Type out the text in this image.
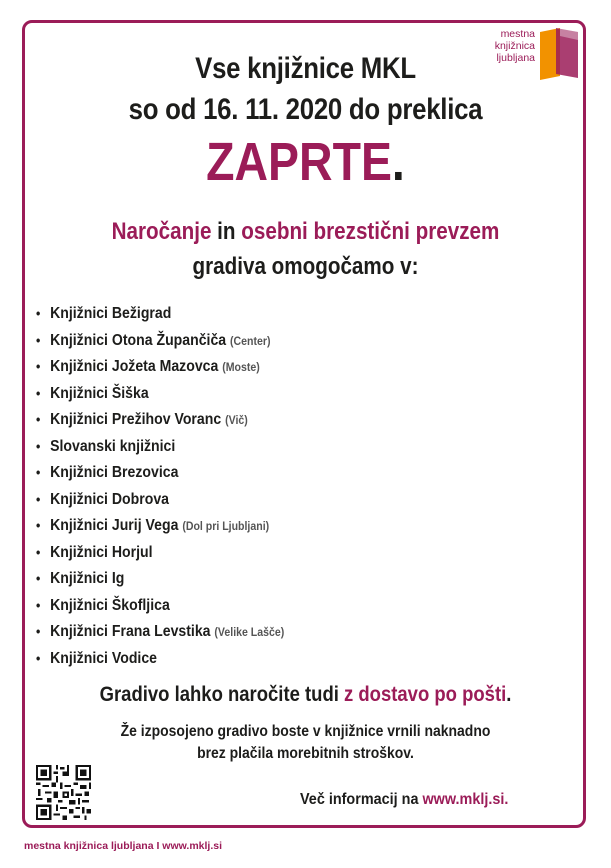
mestna
knjižnica
ljubljana
Vse knjižnice MKL
so od 16. 11. 2020 do preklica
ZAPRTE.
Naročanje in osebni brezstični prevzem
gradiva omogočamo v:
• Knjižnici Bežigrad
• Knjižnici Otona Župančiča (Center)
• Knjižnici Jožeta Mazovca (Moste)
• Knjižnici Šiška
• Knjižnici Prežihov Voranc (Vič)
• Slovanski knjižnici
• Knjižnici Brezovica
• Knjižnici Dobrova
• Knjižnici Jurij Vega (Dol pri Ljubljani)
• Knjižnici Horjul
• Knjižnici Ig
• Knjižnici Škofljica
• Knjižnici Frana Levstika (Velike Lašče)
• Knjižnici Vodice
Gradivo lahko naročite tudi z dostavo po pošti.
Že izposojeno gradivo boste v knjižnice vrnili naknadno
brez plačila morebitnih stroškov.
Več informacij na www.mklj.si.
mestna knjižnica ljubljana I www.mklj.si
